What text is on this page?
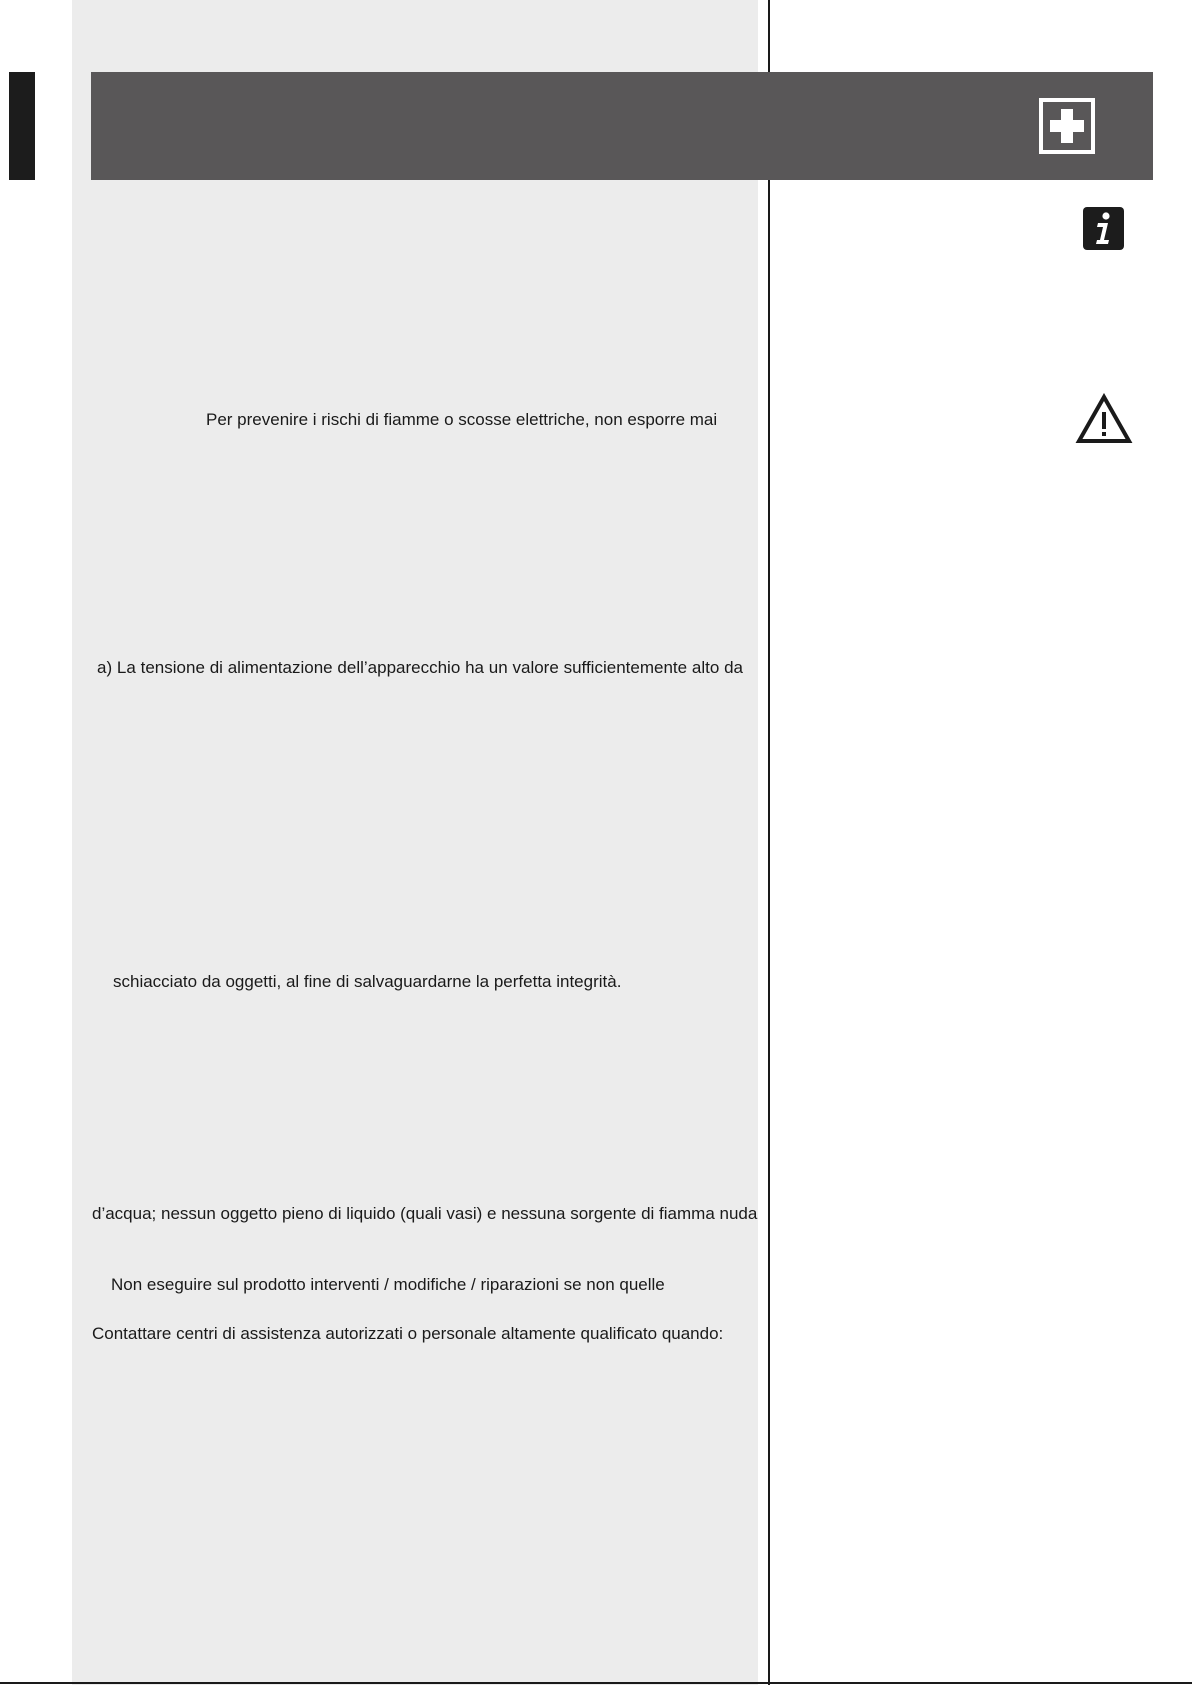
Per prevenire i rischi di fiamme o scosse elettriche, non esporre mai
a) La tensione di alimentazione dell’apparecchio ha un valore sufficientemente alto da
schiacciato da oggetti, al fine di salvaguardarne la perfetta integrità.
d’acqua; nessun oggetto pieno di liquido (quali vasi) e nessuna sorgente di fiamma nuda
Non eseguire sul prodotto interventi / modifiche / riparazioni se non quelle
Contattare centri di assistenza autorizzati o personale altamente qualificato quando:
